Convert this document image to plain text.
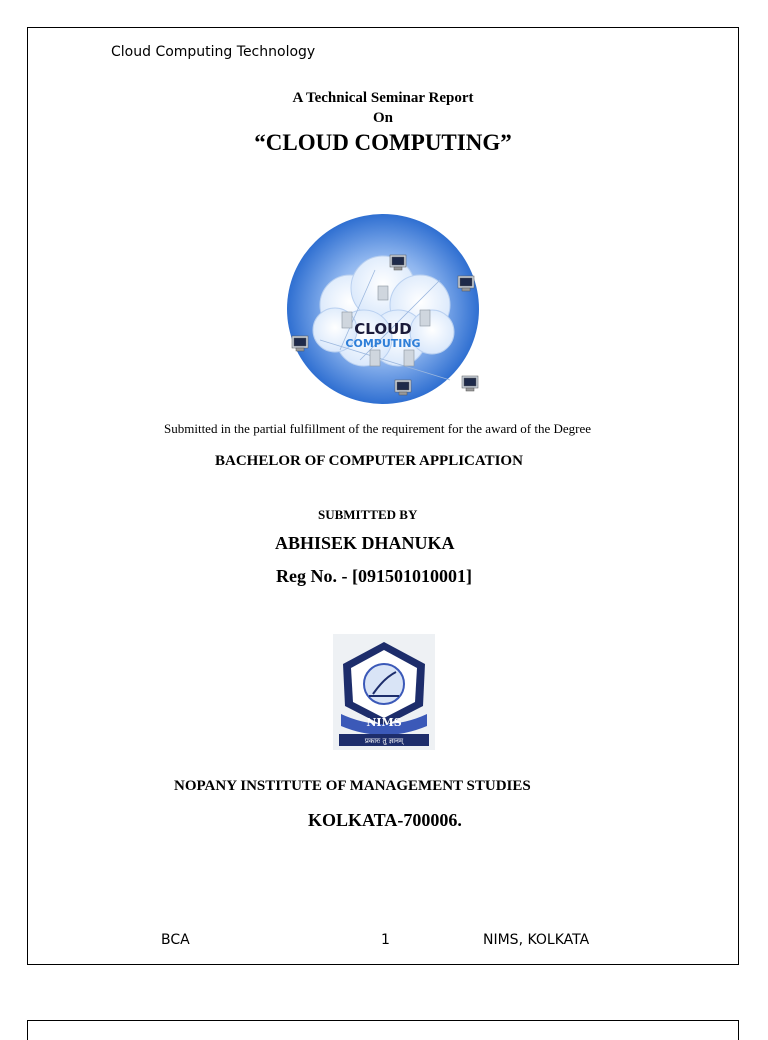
Cloud Computing Technology
A Technical Seminar Report
On
“CLOUD COMPUTING”
CLOUD
COMPUTING
Submitted in the partial fulfillment of the requirement for the award of the Degree
BACHELOR OF COMPUTER APPLICATION
SUBMITTED BY
ABHISEK DHANUKA
Reg No. - [091501010001]
NIMS
प्रकारः तु ज्ञानम्
NOPANY INSTITUTE OF MANAGEMENT STUDIES
KOLKATA-700006.
BCA	1	NIMS, KOLKATA
